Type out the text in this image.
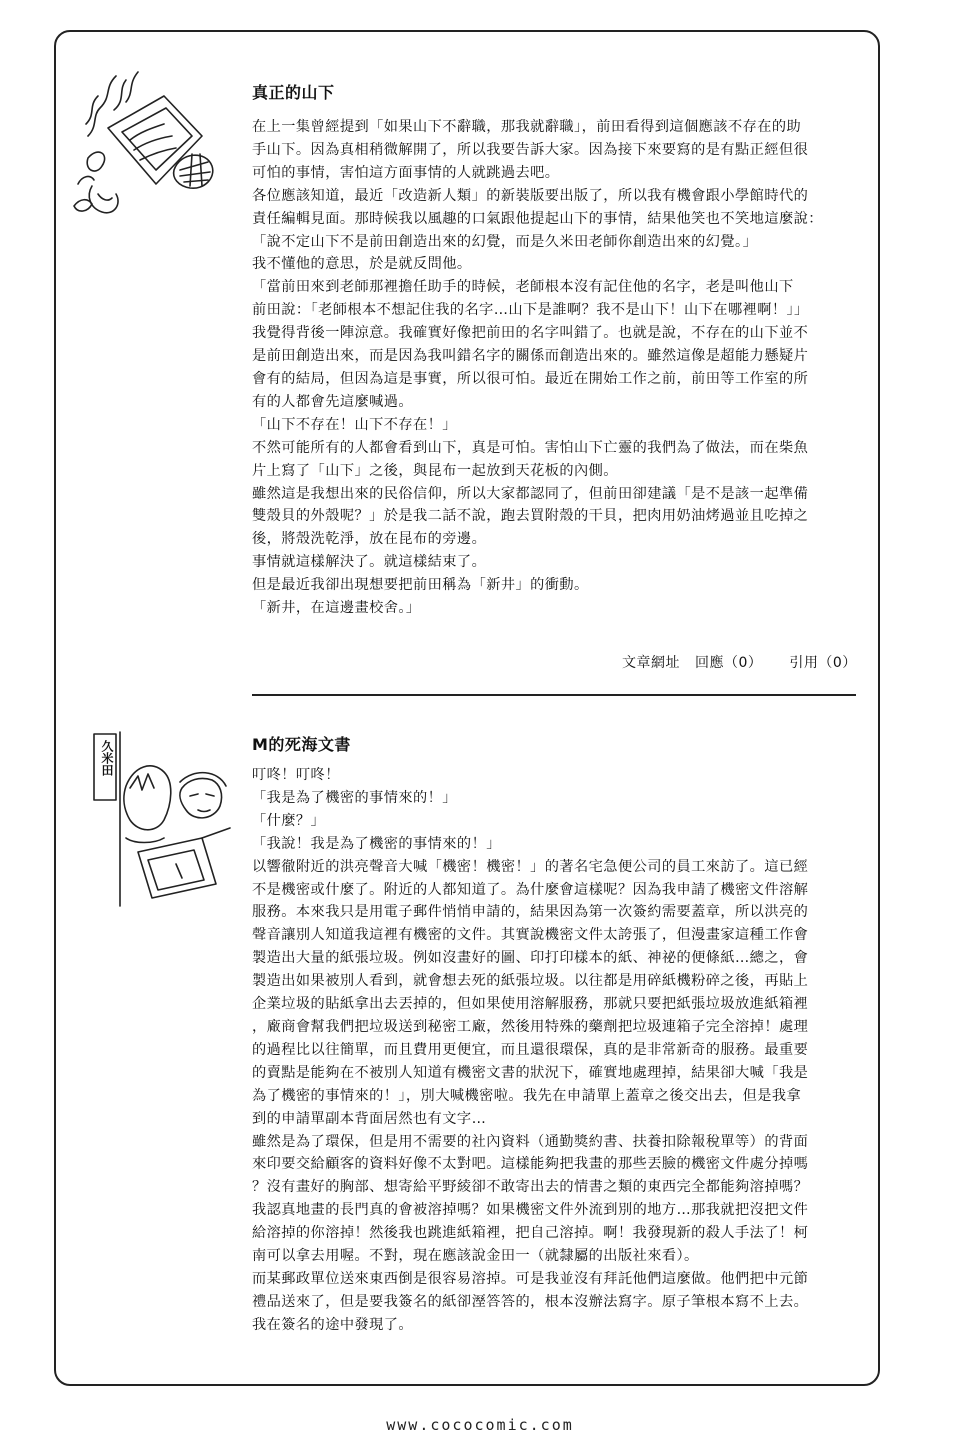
久米田
真正的山下

在上一集曾經提到「如果山下不辭職，那我就辭職」，前田看得到這個應該不存在的助

手山下。因為真相稍微解開了，所以我要告訴大家。因為接下來要寫的是有點正經但很

可怕的事情，害怕這方面事情的人就跳過去吧。

各位應該知道，最近「改造新人類」的新裝版要出版了，所以我有機會跟小學館時代的

責任編輯見面。那時候我以風趣的口氣跟他提起山下的事情，結果他笑也不笑地這麼說：

「說不定山下不是前田創造出來的幻覺，而是久米田老師你創造出來的幻覺。」

我不懂他的意思，於是就反問他。

「當前田來到老師那裡擔任助手的時候，老師根本沒有記住他的名字，老是叫他山下

前田說：「老師根本不想記住我的名字…山下是誰啊？我不是山下！山下在哪裡啊！」」

我覺得背後一陣涼意。我確實好像把前田的名字叫錯了。也就是說，不存在的山下並不

是前田創造出來，而是因為我叫錯名字的關係而創造出來的。雖然這像是超能力懸疑片

會有的結局，但因為這是事實，所以很可怕。最近在開始工作之前，前田等工作室的所

有的人都會先這麼喊過。

「山下不存在！山下不存在！」

不然可能所有的人都會看到山下，真是可怕。害怕山下亡靈的我們為了做法，而在柴魚

片上寫了「山下」之後，與昆布一起放到天花板的內側。

雖然這是我想出來的民俗信仰，所以大家都認同了，但前田卻建議「是不是該一起準備

雙殼貝的外殼呢？」於是我二話不說，跑去買附殼的干貝，把肉用奶油烤過並且吃掉之

後，將殼洗乾淨，放在昆布的旁邊。

事情就這樣解決了。就這樣結束了。

但是最近我卻出現想要把前田稱為「新井」的衝動。

「新井，在這邊畫校舍。」

文章網址 回應（0） 引用（0）
M的死海文書

叮咚！叮咚！

「我是為了機密的事情來的！」

「什麼？」

「我說！我是為了機密的事情來的！」

以響徹附近的洪亮聲音大喊「機密！機密！」的著名宅急便公司的員工來訪了。這已經

不是機密或什麼了。附近的人都知道了。為什麼會這樣呢？因為我申請了機密文件溶解

服務。本來我只是用電子郵件悄悄申請的，結果因為第一次簽約需要蓋章，所以洪亮的

聲音讓別人知道我這裡有機密的文件。其實說機密文件太誇張了，但漫畫家這種工作會

製造出大量的紙張垃圾。例如沒畫好的圖、印打印樣本的紙、神祕的便條紙…總之，會

製造出如果被別人看到，就會想去死的紙張垃圾。以往都是用碎紙機粉碎之後，再貼上

企業垃圾的貼紙拿出去丟掉的，但如果使用溶解服務，那就只要把紙張垃圾放進紙箱裡

，廠商會幫我們把垃圾送到秘密工廠，然後用特殊的藥劑把垃圾連箱子完全溶掉！處理

的過程比以往簡單，而且費用更便宜，而且還很環保，真的是非常新奇的服務。最重要

的賣點是能夠在不被別人知道有機密文書的狀況下，確實地處理掉，結果卻大喊「我是

為了機密的事情來的！」，別大喊機密啦。我先在申請單上蓋章之後交出去，但是我拿

到的申請單副本背面居然也有文字…

雖然是為了環保，但是用不需要的社內資料（通勤獎約書、扶養扣除報稅單等）的背面

來印要交給顧客的資料好像不太對吧。這樣能夠把我畫的那些丟臉的機密文件處分掉嗎

？沒有畫好的胸部、想寄給平野綾卻不敢寄出去的情書之類的東西完全都能夠溶掉嗎？

我認真地畫的長門真的會被溶掉嗎？如果機密文件外流到別的地方…那我就把沒把文件

給溶掉的你溶掉！然後我也跳進紙箱裡，把自己溶掉。啊！我發現新的殺人手法了！柯

南可以拿去用喔。不對，現在應該說金田一（就隸屬的出版社來看）。

而某郵政單位送來東西倒是很容易溶掉。可是我並沒有拜託他們這麼做。他們把中元節

禮品送來了，但是要我簽名的紙卻溼答答的，根本沒辦法寫字。原子筆根本寫不上去。

我在簽名的途中發現了。

www.cococomic.com
